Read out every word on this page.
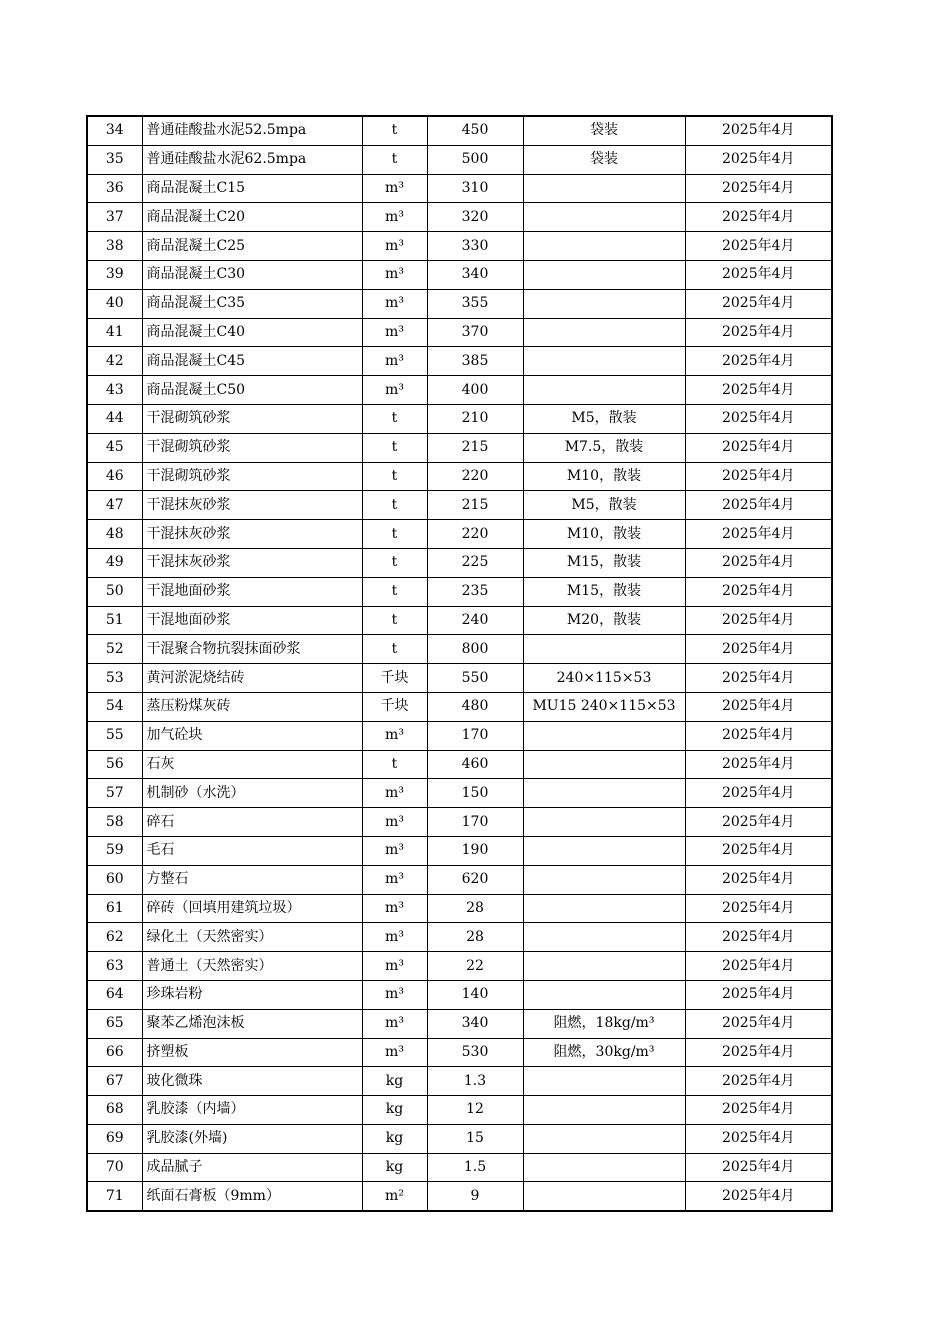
34	普通硅酸盐水泥52.5mpa	t	450	袋装	2025年4月
35	普通硅酸盐水泥62.5mpa	t	500	袋装	2025年4月
36	商品混凝土C15	m³	310		2025年4月
37	商品混凝土C20	m³	320		2025年4月
38	商品混凝土C25	m³	330		2025年4月
39	商品混凝土C30	m³	340		2025年4月
40	商品混凝土C35	m³	355		2025年4月
41	商品混凝土C40	m³	370		2025年4月
42	商品混凝土C45	m³	385		2025年4月
43	商品混凝土C50	m³	400		2025年4月
44	干混砌筑砂浆	t	210	M5，散装	2025年4月
45	干混砌筑砂浆	t	215	M7.5，散装	2025年4月
46	干混砌筑砂浆	t	220	M10，散装	2025年4月
47	干混抹灰砂浆	t	215	M5，散装	2025年4月
48	干混抹灰砂浆	t	220	M10，散装	2025年4月
49	干混抹灰砂浆	t	225	M15，散装	2025年4月
50	干混地面砂浆	t	235	M15，散装	2025年4月
51	干混地面砂浆	t	240	M20，散装	2025年4月
52	干混聚合物抗裂抹面砂浆	t	800		2025年4月
53	黄河淤泥烧结砖	千块	550	240×115×53	2025年4月
54	蒸压粉煤灰砖	千块	480	MU15 240×115×53	2025年4月
55	加气砼块	m³	170		2025年4月
56	石灰	t	460		2025年4月
57	机制砂（水洗）	m³	150		2025年4月
58	碎石	m³	170		2025年4月
59	毛石	m³	190		2025年4月
60	方整石	m³	620		2025年4月
61	碎砖（回填用建筑垃圾）	m³	28		2025年4月
62	绿化土（天然密实）	m³	28		2025年4月
63	普通土（天然密实）	m³	22		2025年4月
64	珍珠岩粉	m³	140		2025年4月
65	聚苯乙烯泡沫板	m³	340	阻燃，18kg/m³	2025年4月
66	挤塑板	m³	530	阻燃，30kg/m³	2025年4月
67	玻化微珠	kg	1.3		2025年4月
68	乳胶漆（内墙）	kg	12		2025年4月
69	乳胶漆(外墙)	kg	15		2025年4月
70	成品腻子	kg	1.5		2025年4月
71	纸面石膏板（9mm）	m²	9		2025年4月
